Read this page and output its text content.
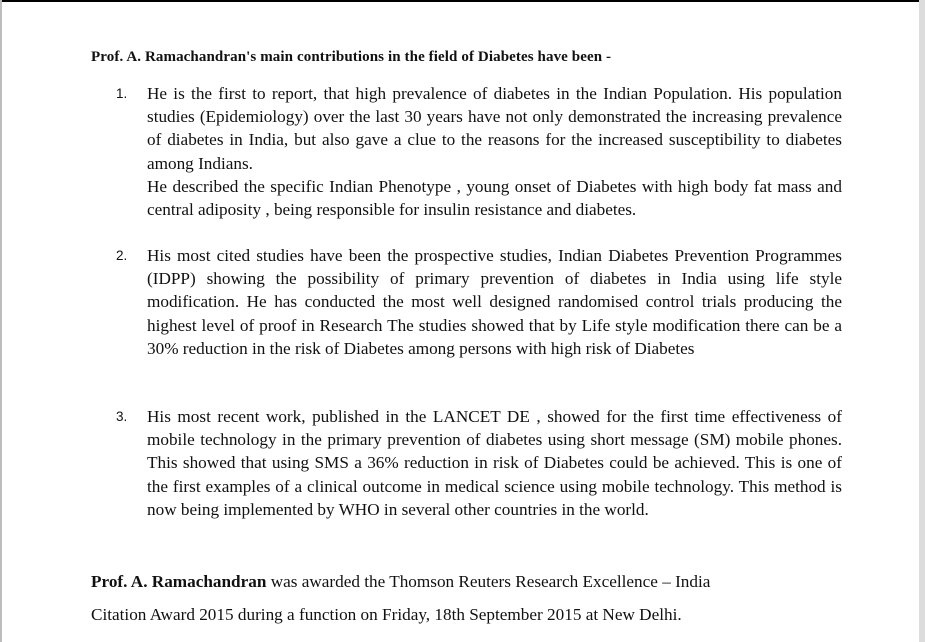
Prof. A. Ramachandran's main contributions in the field of Diabetes have been -
1.	He is the first to report, that high prevalence of diabetes in the Indian Population. His population studies (Epidemiology) over the last 30 years have not only demonstrated the increasing prevalence of diabetes in India, but also gave a clue to the reasons for the increased susceptibility to diabetes among Indians.

He described the specific Indian Phenotype , young onset of Diabetes with high body fat mass and central adiposity , being responsible for insulin resistance and diabetes.

2.	His most cited studies have been the prospective studies, Indian Diabetes Prevention Programmes (IDPP) showing the possibility of primary prevention of diabetes in India using life style modification. He has conducted the most well designed randomised control trials producing the highest level of proof in Research The studies showed that by Life style modification there can be a 30% reduction in the risk of Diabetes among persons with high risk of Diabetes

3.	His most recent work, published in the LANCET DE , showed for the first time effectiveness of mobile technology in the primary prevention of diabetes using short message (SM) mobile phones. This showed that using SMS a 36% reduction in risk of Diabetes could be achieved. This is one of the first examples of a clinical outcome in medical science using mobile technology. This method is now being implemented by WHO in several other countries in the world.

Prof. A. Ramachandran was awarded the Thomson Reuters Research Excellence – India
Citation Award 2015 during a function on Friday, 18th September 2015 at New Delhi.
